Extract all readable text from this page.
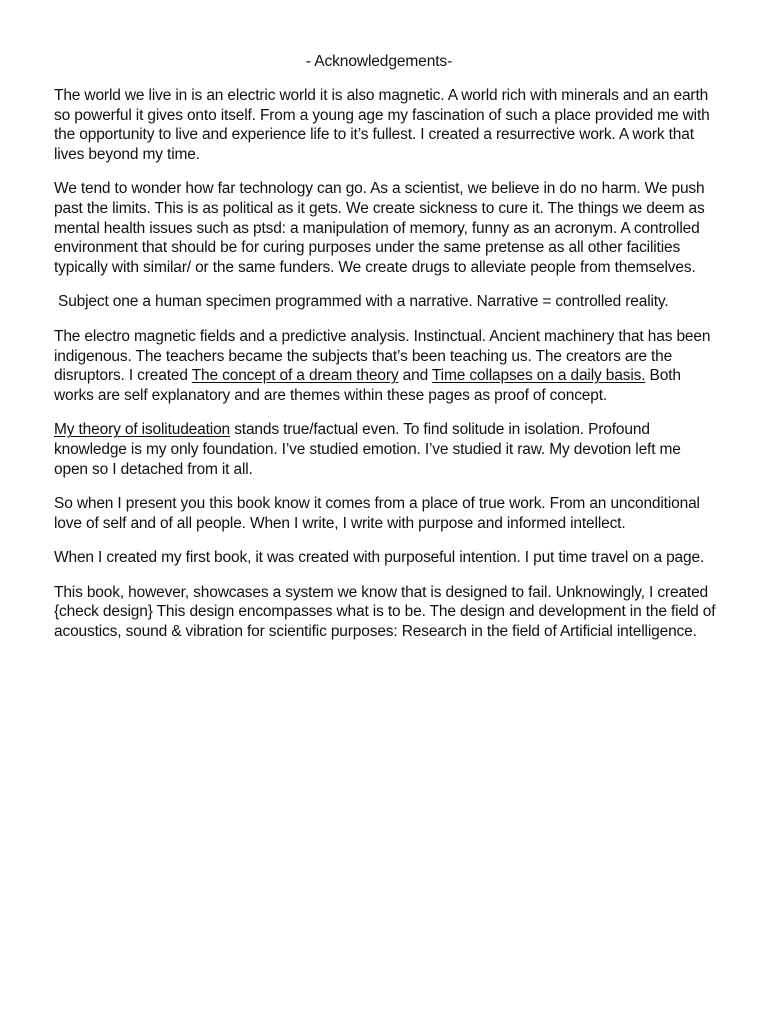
- Acknowledgements-

The world we live in is an electric world it is also magnetic. A world rich with minerals and an earth so powerful it gives onto itself. From a young age my fascination of such a place provided me with the opportunity to live and experience life to it’s fullest. I created a resurrective work. A work that lives beyond my time.

We tend to wonder how far technology can go. As a scientist, we believe in do no harm. We push past the limits. This is as political as it gets. We create sickness to cure it. The things we deem as mental health issues such as ptsd: a manipulation of memory, funny as an acronym. A controlled environment that should be for curing purposes under the same pretense as all other facilities typically with similar/ or the same funders. We create drugs to alleviate people from themselves.

Subject one a human specimen programmed with a narrative. Narrative = controlled reality.

The electro magnetic fields and a predictive analysis. Instinctual. Ancient machinery that has been indigenous. The teachers became the subjects that’s been teaching us. The creators are the disruptors. I created The concept of a dream theory and Time collapses on a daily basis. Both works are self explanatory and are themes within these pages as proof of concept.

My theory of isolitudeation stands true/factual even. To find solitude in isolation. Profound knowledge is my only foundation. I’ve studied emotion. I’ve studied it raw. My devotion left me open so I detached from it all.

So when I present you this book know it comes from a place of true work. From an unconditional love of self and of all people. When I write, I write with purpose and informed intellect.

When I created my first book, it was created with purposeful intention. I put time travel on a page.

This book, however, showcases a system we know that is designed to fail. Unknowingly, I created {check design} This design encompasses what is to be. The design and development in the field of acoustics, sound & vibration for scientific purposes: Research in the field of Artificial intelligence.
